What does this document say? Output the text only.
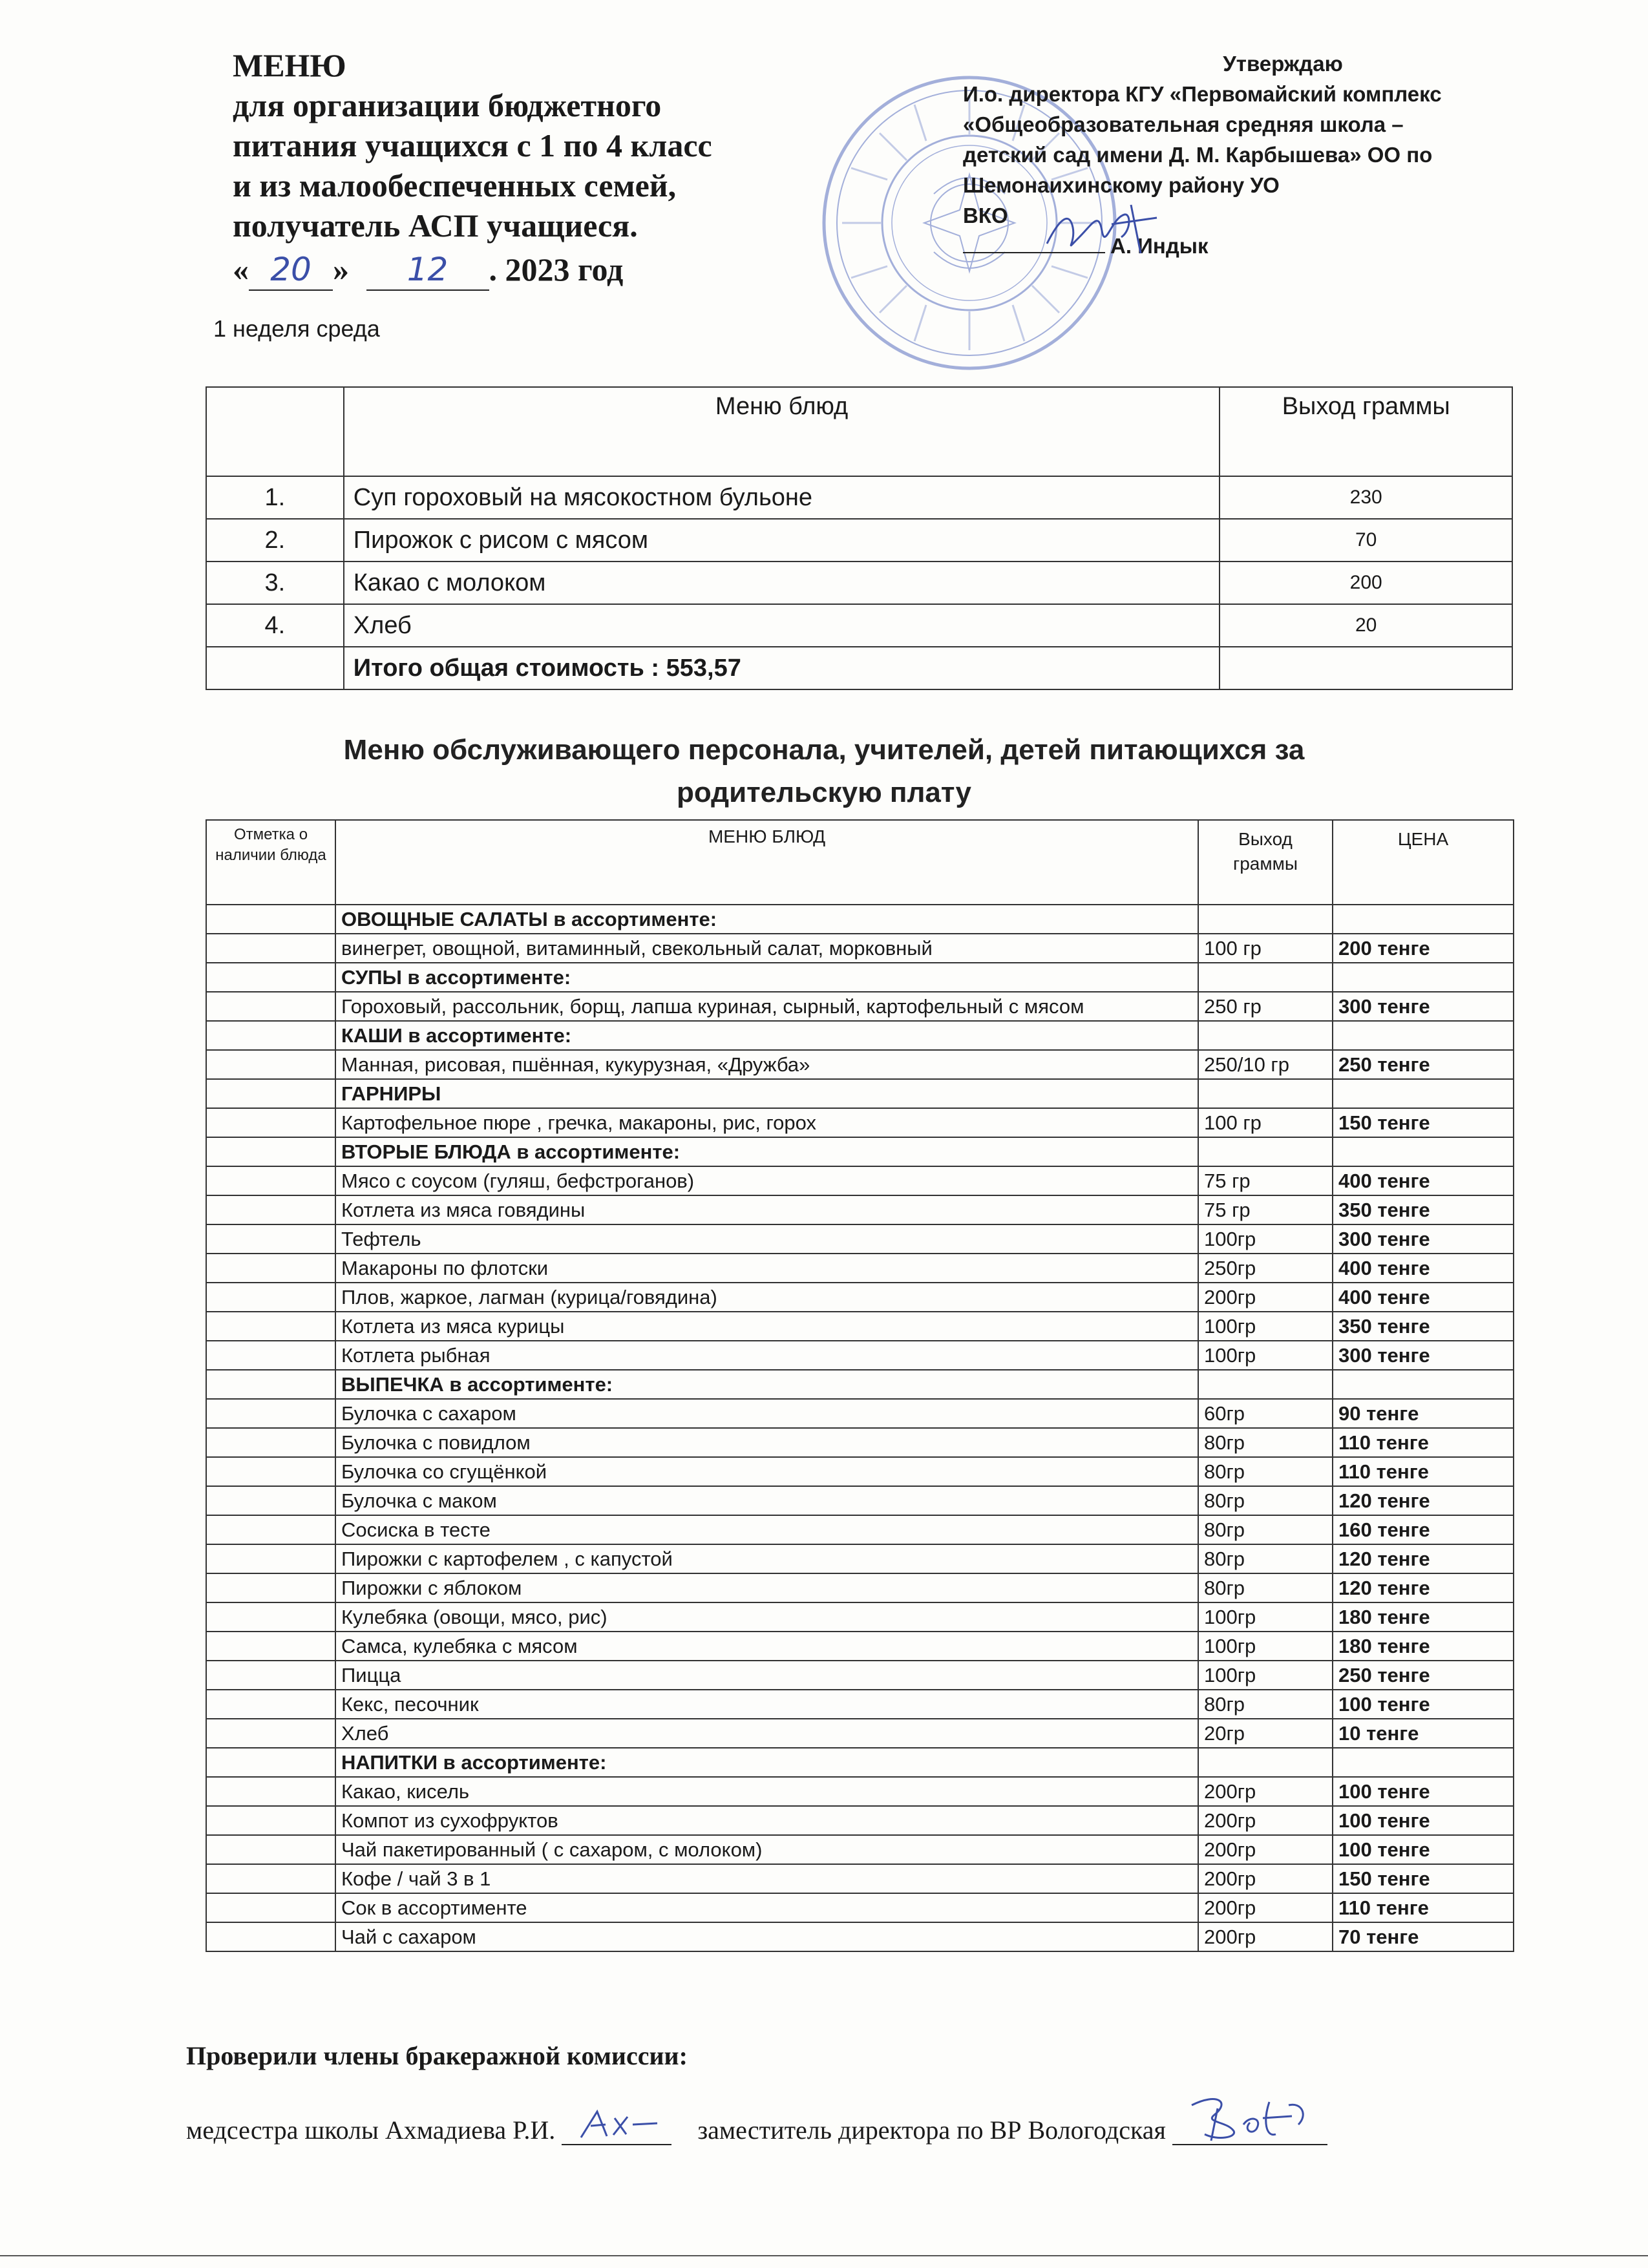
МЕНЮ
для организации бюджетного
питания учащихся с 1 по 4 класс
и из малообеспеченных семей,
получатель АСП учащиеся.
« 20 » 12 . 2023 год
1 неделя среда
Утверждаю
И.о. директора КГУ «Первомайский комплекс
«Общеобразовательная средняя школа –
детский сад имени Д. М. Карбышева» ОО по
Шемонаихинскому району УО
ВКО
А. Индык
	Меню блюд	Выход граммы
1.	Суп гороховый на мясокостном бульоне	230
2.	Пирожок с рисом с мясом	70
3.	Какао с молоком	200
4.	Хлеб	20
	Итого общая стоимость : 553,57	
Меню обслуживающего персонала, учителей, детей питающихся за
родительскую плату
Отметка о наличии блюда	МЕНЮ БЛЮД	Выход граммы	ЦЕНА
	ОВОЩНЫЕ САЛАТЫ в ассортименте:		
	винегрет, овощной, витаминный, свекольный салат, морковный	100 гр	200 тенге
	СУПЫ в ассортименте:		
	Гороховый, рассольник, борщ, лапша куриная, сырный, картофельный с мясом	250 гр	300 тенге
	КАШИ в ассортименте:		
	Манная, рисовая, пшённая, кукурузная, «Дружба»	250/10 гр	250 тенге
	ГАРНИРЫ		
	Картофельное пюре , гречка, макароны, рис, горох	100 гр	150 тенге
	ВТОРЫЕ БЛЮДА в ассортименте:		
	Мясо с соусом (гуляш, бефстроганов)	75 гр	400 тенге
	Котлета из мяса говядины	75 гр	350 тенге
	Тефтель	100гр	300 тенге
	Макароны по флотски	250гр	400 тенге
	Плов, жаркое, лагман (курица/говядина)	200гр	400 тенге
	Котлета из мяса курицы	100гр	350 тенге
	Котлета рыбная	100гр	300 тенге
	ВЫПЕЧКА в ассортименте:		
	Булочка с сахаром	60гр	90 тенге
	Булочка с повидлом	80гр	110 тенге
	Булочка со сгущёнкой	80гр	110 тенге
	Булочка с маком	80гр	120 тенге
	Сосиска в тесте	80гр	160 тенге
	Пирожки с картофелем , с капустой	80гр	120 тенге
	Пирожки с яблоком	80гр	120 тенге
	Кулебяка (овощи, мясо, рис)	100гр	180 тенге
	Самса, кулебяка с мясом	100гр	180 тенге
	Пицца	100гр	250 тенге
	Кекс, песочник	80гр	100 тенге
	Хлеб	20гр	10 тенге
	НАПИТКИ в ассортименте:		
	Какао, кисель	200гр	100 тенге
	Компот из сухофруктов	200гр	100 тенге
	Чай пакетированный ( с сахаром, с молоком)	200гр	100 тенге
	Кофе / чай 3 в 1	200гр	150 тенге
	Сок в ассортименте	200гр	110 тенге
	Чай с сахаром	200гр	70 тенге
Проверили члены бракеражной комиссии:
медсестра школы Ахмадиева Р.И.	заместитель директора по ВР Вологодская
